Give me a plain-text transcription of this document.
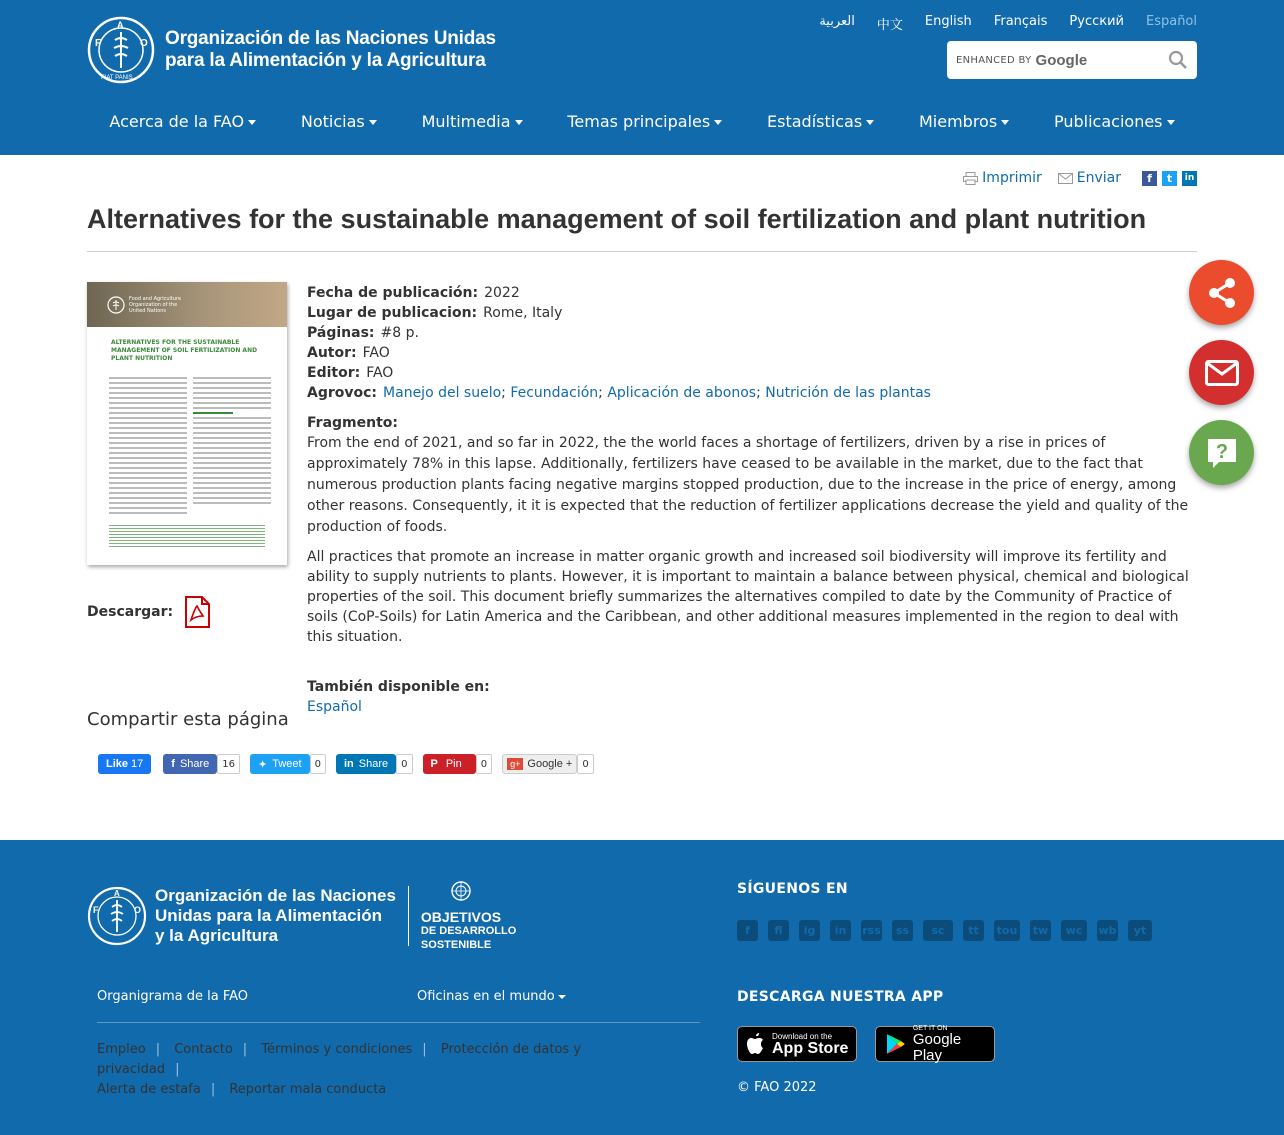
F	O
A
FIAT PANIS
Organización de las Naciones Unidas
para la Alimentación y la Agricultura
العربية 中文 English Français Русский Español
ENHANCED BY Google
Acerca de la FAO	Noticias	Multimedia	Temas principales	Estadísticas	Miembros	Publicaciones
Imprimir	Enviar	f	t	in
Alternatives for the sustainable management of soil fertilization and plant nutrition
Food and Agriculture Organization of the United Nations
ALTERNATIVES FOR THE SUSTAINABLE MANAGEMENT OF SOIL FERTILIZATION AND PLANT NUTRITION
Descargar:
Fecha de publicación: 2022
Lugar de publicacion: Rome, Italy
Páginas: #8 p.
Autor: FAO
Editor: FAO
Agrovoc: Manejo del suelo; Fecundación; Aplicación de abonos; Nutrición de las plantas
Fragmento:

From the end of 2021, and so far in 2022, the the world faces a shortage of fertilizers, driven by a rise in prices of approximately 78% in this lapse. Additionally, fertilizers have ceased to be available in the market, due to the fact that numerous production plants facing negative margins stopped production, due to the increase in the price of energy, among other reasons. Consequently, it it is expected that the reduction of fertilizer applications decrease the yield and quality of the production of foods.

All practices that promote an increase in matter organic growth and increased soil biodiversity will improve its fertility and ability to supply nutrients to plants. However, it is important to maintain a balance between physical, chemical and biological properties of the soil. This document briefly summarizes the alternatives compiled to date by the Community of Practice of soils (CoP-Soils) for Latin America and the Caribbean, and other additional measures implemented in the region to deal with this situation.

También disponible en:
Español
?
Compartir esta página
Like 17	f Share	16	✦ Tweet	0	in Share	0	P Pin	0	g+ Google +	0
F	O
A Organización de las Naciones
Unidas para la Alimentación
y la Agricultura
OBJETIVOS
DE DESARROLLO
SOSTENIBLE
SÍGUENOS EN
f	fl	ig	in	rss	ss	sc	tt	tou tw	wc	wb	yt
Organigrama de la FAO	Oficinas en el mundo
Empleo | Contacto | Términos y condiciones | Protección de datos y privacidad |
Alerta de estafa | Reportar mala conducta
DESCARGA NUESTRA APP
Download on the
App Store
GET IT ON
Google Play
© FAO 2022
